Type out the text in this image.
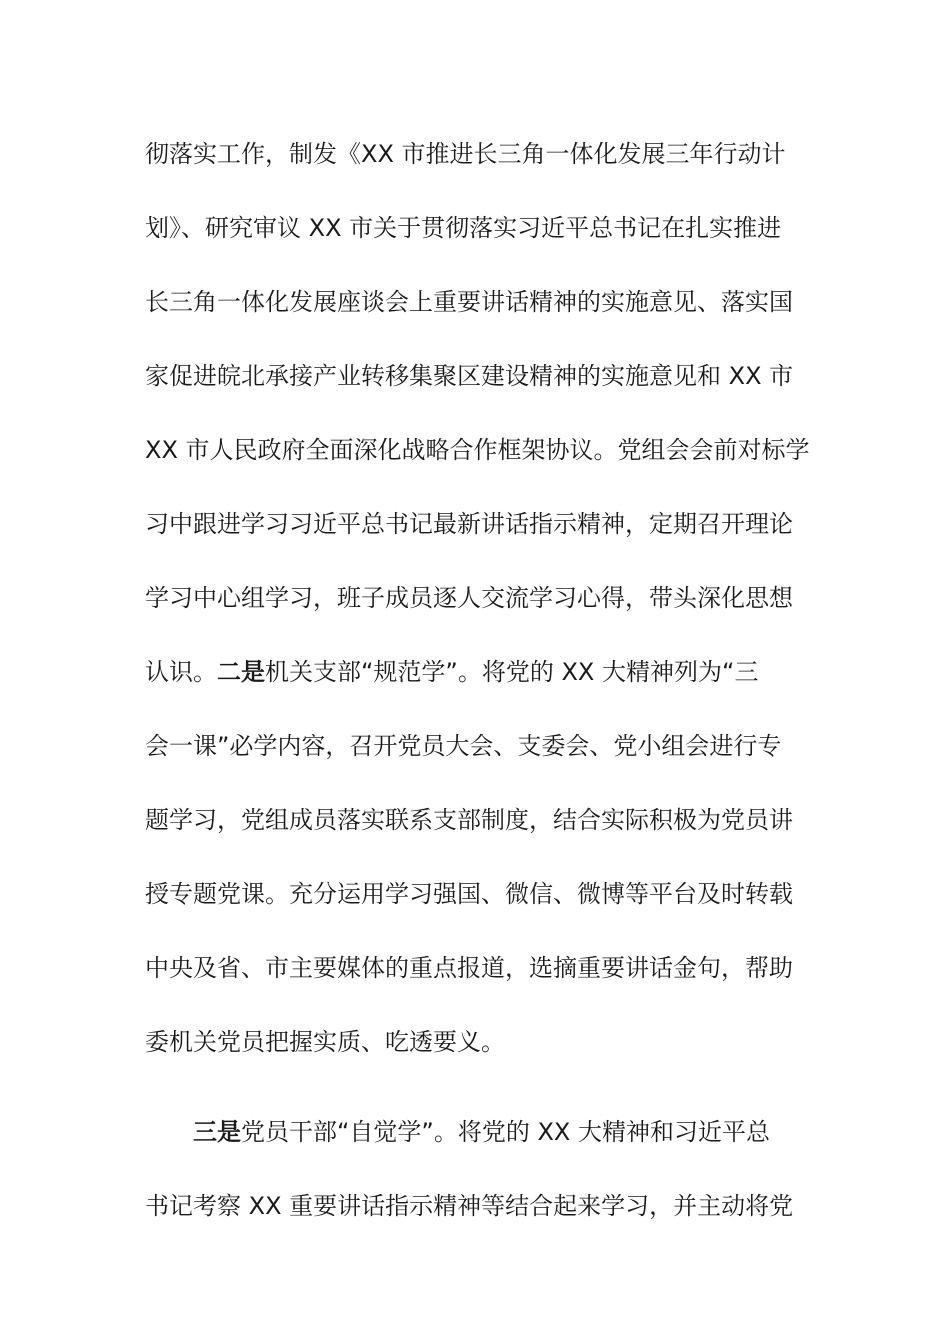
彻落实工作，制发《XX 市推进长三角一体化发展三年行动计
划》、研究审议 XX 市关于贯彻落实习近平总书记在扎实推进
长三角一体化发展座谈会上重要讲话精神的实施意见、落实国
家促进皖北承接产业转移集聚区建设精神的实施意见和 XX 市
XX 市人民政府全面深化战略合作框架协议。党组会会前对标学
习中跟进学习习近平总书记最新讲话指示精神，定期召开理论
学习中心组学习，班子成员逐人交流学习心得，带头深化思想
认识。二是机关支部“规范学”。将党的 XX 大精神列为“三
会一课”必学内容，召开党员大会、支委会、党小组会进行专
题学习，党组成员落实联系支部制度，结合实际积极为党员讲
授专题党课。充分运用学习强国、微信、微博等平台及时转载
中央及省、市主要媒体的重点报道，选摘重要讲话金句，帮助
委机关党员把握实质、吃透要义。
三是党员干部“自觉学”。将党的 XX 大精神和习近平总
书记考察 XX 重要讲话指示精神等结合起来学习，并主动将党
